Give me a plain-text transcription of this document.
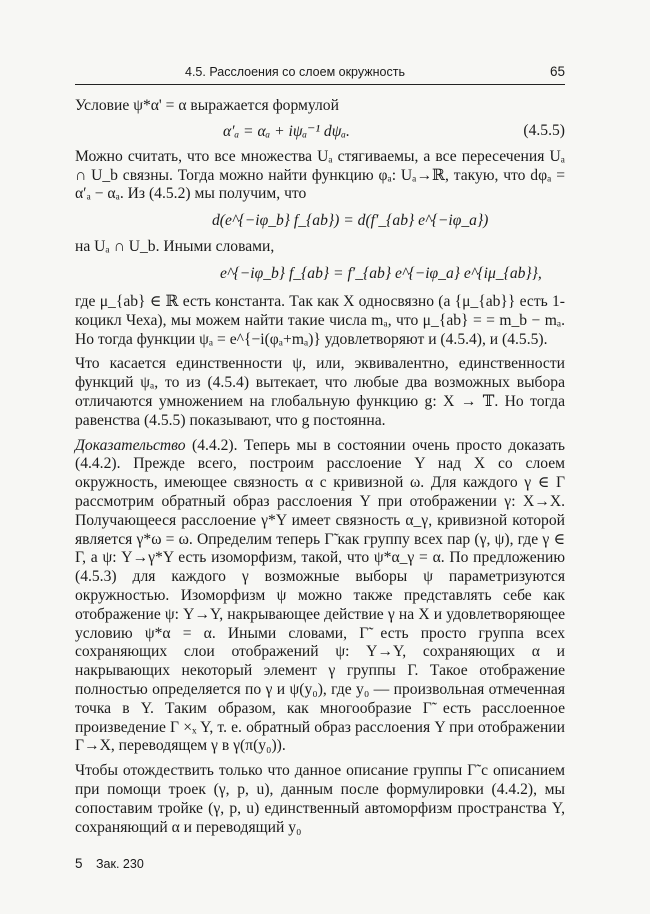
4.5. Расслоения со слоем окружность	65

Условие ψ*α' = α выражается формулой

α′ₐ = αₐ + iψₐ⁻¹ dψₐ.	(4.5.5)

Можно считать, что все множества Uₐ стягиваемы, а все пересечения Uₐ ∩ U_b связны. Тогда можно найти функцию φₐ: Uₐ→ℝ, такую, что dφₐ = α′ₐ − αₐ. Из (4.5.2) мы получим, что

d(e^{−iφ_b} f_{ab}) = d(f′_{ab} e^{−iφ_a})

на Uₐ ∩ U_b. Иными словами,

e^{−iφ_b} f_{ab} = f′_{ab} e^{−iφ_a} e^{iμ_{ab}},

где μ_{ab} ∈ ℝ есть константа. Так как X односвязно (а {μ_{ab}} есть 1-коцикл Чеха), мы можем найти такие числа mₐ, что μ_{ab} = = m_b − mₐ. Но тогда функции ψₐ = e^{−i(φₐ+mₐ)} удовлетворяют и (4.5.4), и (4.5.5).

Что касается единственности ψ, или, эквивалентно, единственности функций ψₐ, то из (4.5.4) вытекает, что любые два возможных выбора отличаются умножением на глобальную функцию g: X → 𝕋. Но тогда равенства (4.5.5) показывают, что g постоянна.

Доказательство (4.4.2). Теперь мы в состоянии очень просто доказать (4.4.2). Прежде всего, построим расслоение Y над X со слоем окружность, имеющее связность α с кривизной ω. Для каждого γ ∈ Γ рассмотрим обратный образ расслоения Y при отображении γ: X→X. Получающееся расслоение γ*Y имеет связность α_γ, кривизной которой является γ*ω = ω. Определим теперь Γ̃ как группу всех пар (γ, ψ), где γ ∈ Γ, а ψ: Y→γ*Y есть изоморфизм, такой, что ψ*α_γ = α. По предложению (4.5.3) для каждого γ возможные выборы ψ параметризуются окружностью. Изоморфизм ψ можно также представлять себе как отображение ψ: Y→Y, накрывающее действие γ на X и удовлетворяющее условию ψ*α = α. Иными словами, Γ̃ есть просто группа всех сохраняющих слои отображений ψ: Y→Y, сохраняющих α и накрывающих некоторый элемент γ группы Γ. Такое отображение полностью определяется по γ и ψ(y₀), где y₀ — произвольная отмеченная точка в Y. Таким образом, как многообразие Γ̃ есть расслоенное произведение Γ ×ₓ Y, т. е. обратный образ расслоения Y при отображении Γ→X, переводящем γ в γ(π(y₀)).

Чтобы отождествить только что данное описание группы Γ̃ с описанием при помощи троек (γ, p, u), данным после формулировки (4.4.2), мы сопоставим тройке (γ, p, u) единственный автоморфизм пространства Y, сохраняющий α и переводящий y₀

5 Зак. 230
